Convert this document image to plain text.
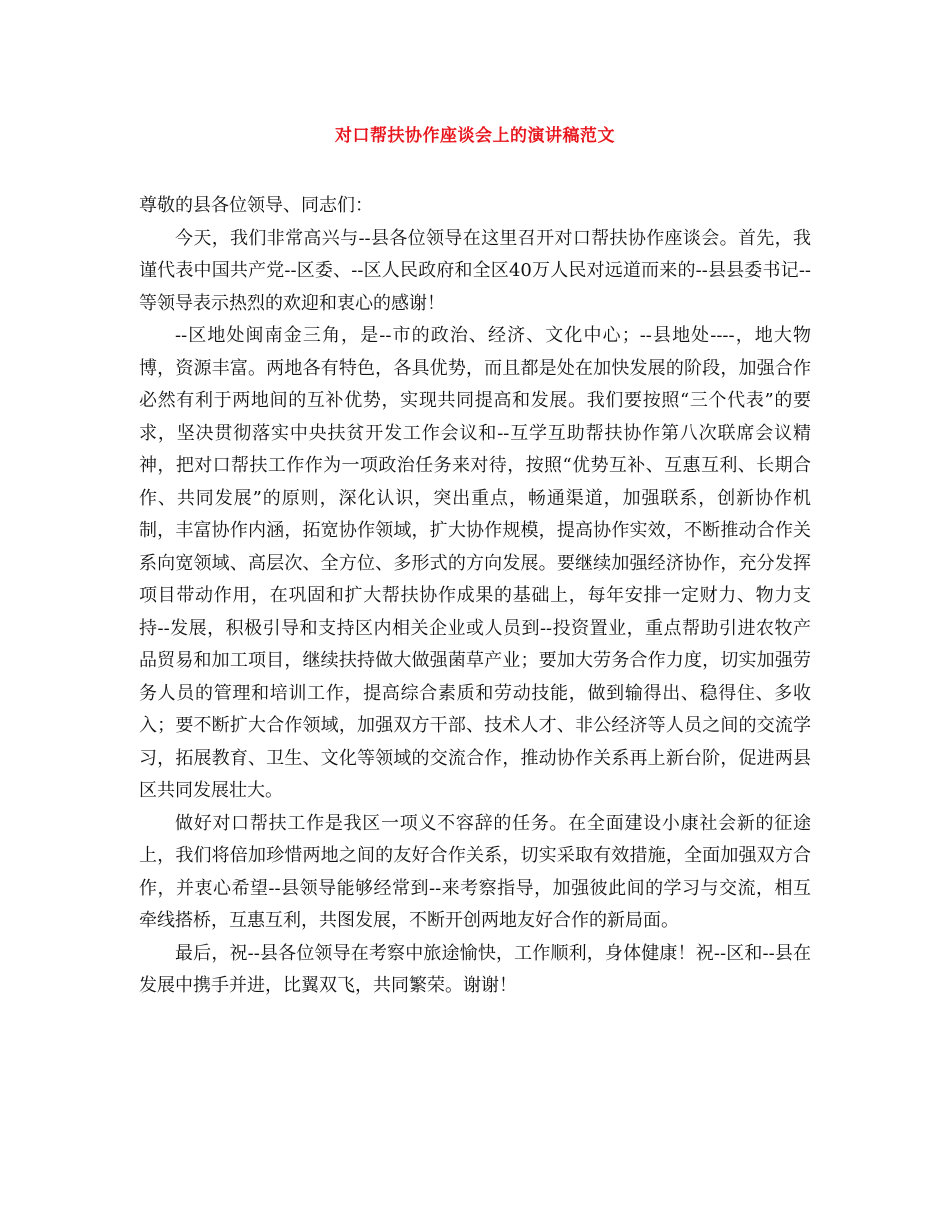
对口帮扶协作座谈会上的演讲稿范文

尊敬的县各位领导、同志们：

今天，我们非常高兴与--县各位领导在这里召开对口帮扶协作座谈会。首先，我谨代表中国共产党--区委、--区人民政府和全区40万人民对远道而来的--县县委书记--等领导表示热烈的欢迎和衷心的感谢！

--区地处闽南金三角，是--市的政治、经济、文化中心；--县地处----，地大物博，资源丰富。两地各有特色，各具优势，而且都是处在加快发展的阶段，加强合作必然有利于两地间的互补优势，实现共同提高和发展。我们要按照“三个代表”的要求，坚决贯彻落实中央扶贫开发工作会议和--互学互助帮扶协作第八次联席会议精神，把对口帮扶工作作为一项政治任务来对待，按照“优势互补、互惠互利、长期合作、共同发展”的原则，深化认识，突出重点，畅通渠道，加强联系，创新协作机制，丰富协作内涵，拓宽协作领域，扩大协作规模，提高协作实效，不断推动合作关系向宽领域、高层次、全方位、多形式的方向发展。要继续加强经济协作，充分发挥项目带动作用，在巩固和扩大帮扶协作成果的基础上，每年安排一定财力、物力支持--发展，积极引导和支持区内相关企业或人员到--投资置业，重点帮助引进农牧产品贸易和加工项目，继续扶持做大做强菌草产业；要加大劳务合作力度，切实加强劳务人员的管理和培训工作，提高综合素质和劳动技能，做到输得出、稳得住、多收入；要不断扩大合作领域，加强双方干部、技术人才、非公经济等人员之间的交流学习，拓展教育、卫生、文化等领域的交流合作，推动协作关系再上新台阶，促进两县区共同发展壮大。

做好对口帮扶工作是我区一项义不容辞的任务。在全面建设小康社会新的征途上，我们将倍加珍惜两地之间的友好合作关系，切实采取有效措施，全面加强双方合作，并衷心希望--县领导能够经常到--来考察指导，加强彼此间的学习与交流，相互牵线搭桥，互惠互利，共图发展，不断开创两地友好合作的新局面。

最后，祝--县各位领导在考察中旅途愉快，工作顺利，身体健康！祝--区和--县在发展中携手并进，比翼双飞，共同繁荣。谢谢！
